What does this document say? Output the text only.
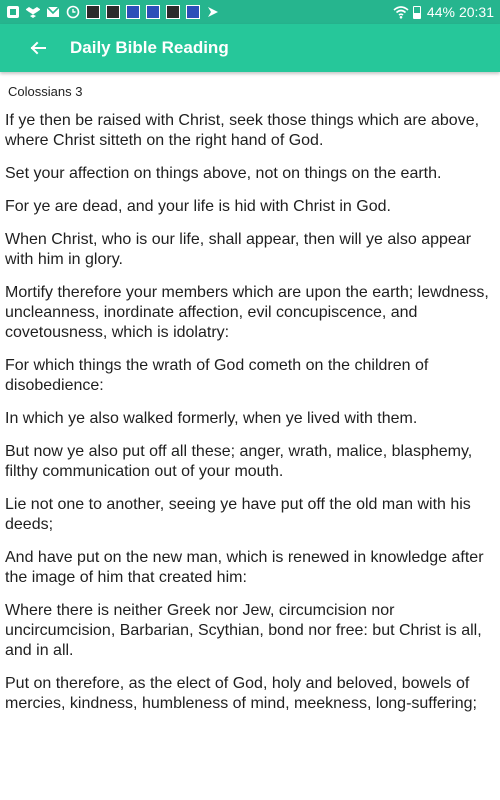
44% 20:31
Daily Bible Reading
Colossians 3

If ye then be raised with Christ, seek those things which are above, where Christ sitteth on the right hand of God.

Set your affection on things above, not on things on the earth.

For ye are dead, and your life is hid with Christ in God.

When Christ, who is our life, shall appear, then will ye also appear with him in glory.

Mortify therefore your members which are upon the earth; lewdness, uncleanness, inordinate affection, evil concupiscence, and covetousness, which is idolatry:

For which things the wrath of God cometh on the children of disobedience:

In which ye also walked formerly, when ye lived with them.

But now ye also put off all these; anger, wrath, malice, blasphemy, filthy communication out of your mouth.

Lie not one to another, seeing ye have put off the old man with his deeds;

And have put on the new man, which is renewed in knowledge after the image of him that created him:

Where there is neither Greek nor Jew, circumcision nor uncircumcision, Barbarian, Scythian, bond nor free: but Christ is all, and in all.

Put on therefore, as the elect of God, holy and beloved, bowels of mercies, kindness, humbleness of mind, meekness, long-suffering;
